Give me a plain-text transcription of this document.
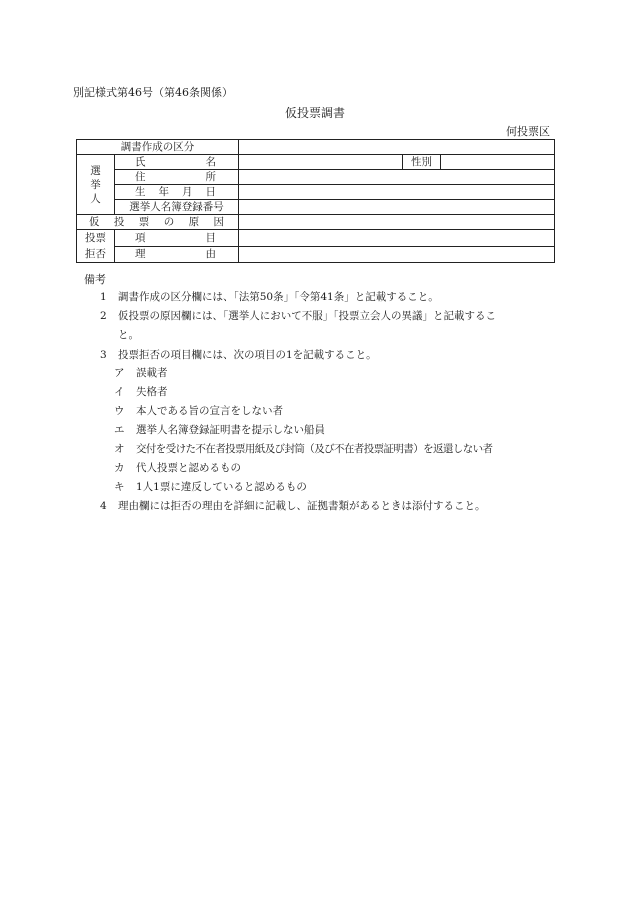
別記様式第46号（第46条関係）
仮投票調書
何投票区
調書作成の区分				

選
挙
人	氏名		性別	
	住所			
	生年月日			
	選挙人名簿登録番号			
仮投票の原因				

投票
拒否	項目			
	理由			
備考
1 調書作成の区分欄には、「法第50条」「令第41条」と記載すること。
2 仮投票の原因欄には、「選挙人において不服」「投票立会人の異議」と記載するこ
と。
3 投票拒否の項目欄には、次の項目の1を記載すること。
ア 誤載者
イ 失格者
ウ 本人である旨の宣言をしない者
エ 選挙人名簿登録証明書を提示しない船員
オ 交付を受けた不在者投票用紙及び封筒（及び不在者投票証明書）を返還しない者
カ 代人投票と認めるもの
キ 1人1票に違反していると認めるもの
4 理由欄には拒否の理由を詳細に記載し、証拠書類があるときは添付すること。
